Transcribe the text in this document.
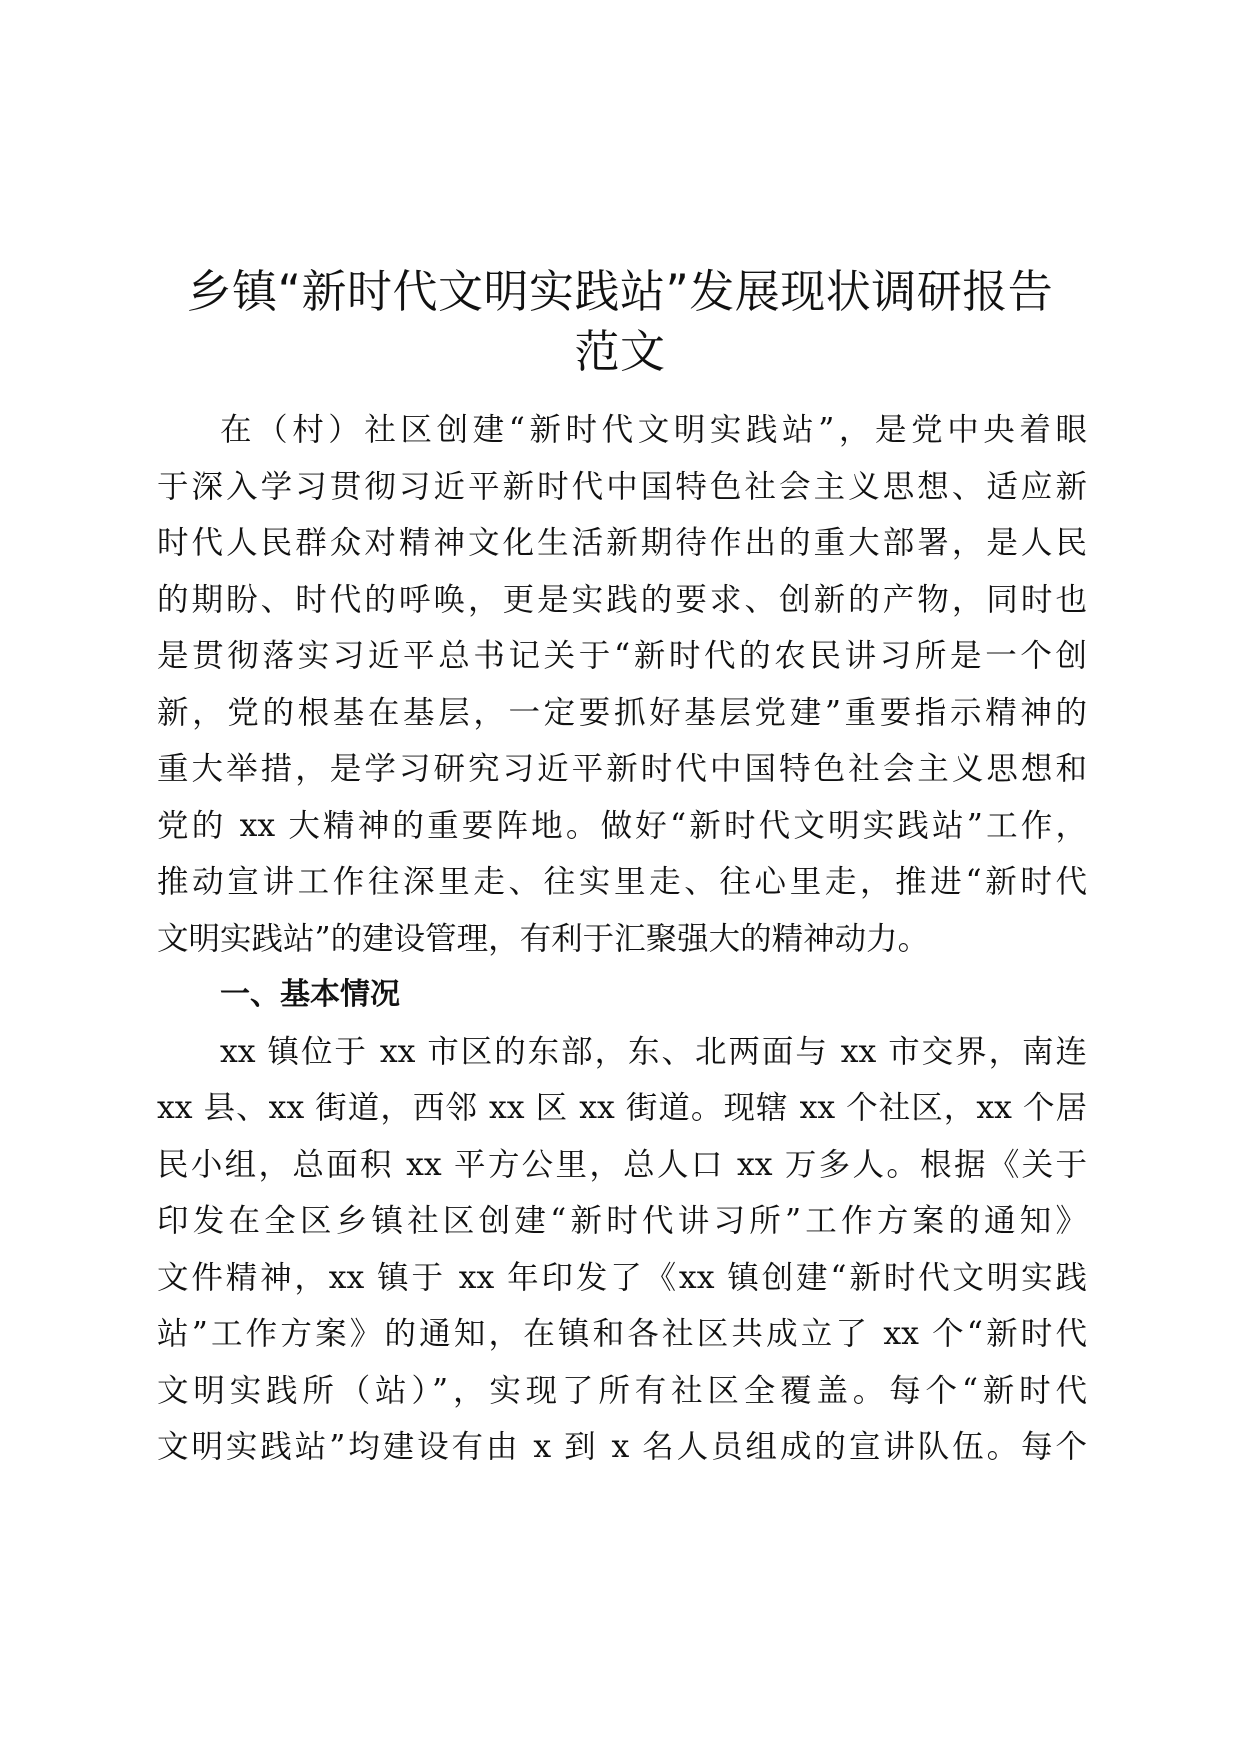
乡镇“新时代文明实践站”发展现状调研报告
范文
在（村）社区创建“新时代文明实践站”，是党中央着眼
于深入学习贯彻习近平新时代中国特色社会主义思想、适应新
时代人民群众对精神文化生活新期待作出的重大部署，是人民
的期盼、时代的呼唤，更是实践的要求、创新的产物，同时也
是贯彻落实习近平总书记关于“新时代的农民讲习所是一个创
新，党的根基在基层，一定要抓好基层党建”重要指示精神的
重大举措，是学习研究习近平新时代中国特色社会主义思想和
党的 xx 大精神的重要阵地。做好“新时代文明实践站”工作，
推动宣讲工作往深里走、往实里走、往心里走，推进“新时代
文明实践站”的建设管理，有利于汇聚强大的精神动力。
一、基本情况
xx 镇位于 xx 市区的东部，东、北两面与 xx 市交界，南连
xx 县、xx 街道，西邻 xx 区 xx 街道。现辖 xx 个社区，xx 个居
民小组，总面积 xx 平方公里，总人口 xx 万多人。根据《关于
印发在全区乡镇社区创建“新时代讲习所”工作方案的通知》
文件精神，xx 镇于 xx 年印发了《xx 镇创建“新时代文明实践
站”工作方案》的通知，在镇和各社区共成立了 xx 个“新时代
文明实践所（站）”，实现了所有社区全覆盖。每个“新时代
文明实践站”均建设有由 x 到 x 名人员组成的宣讲队伍。每个
